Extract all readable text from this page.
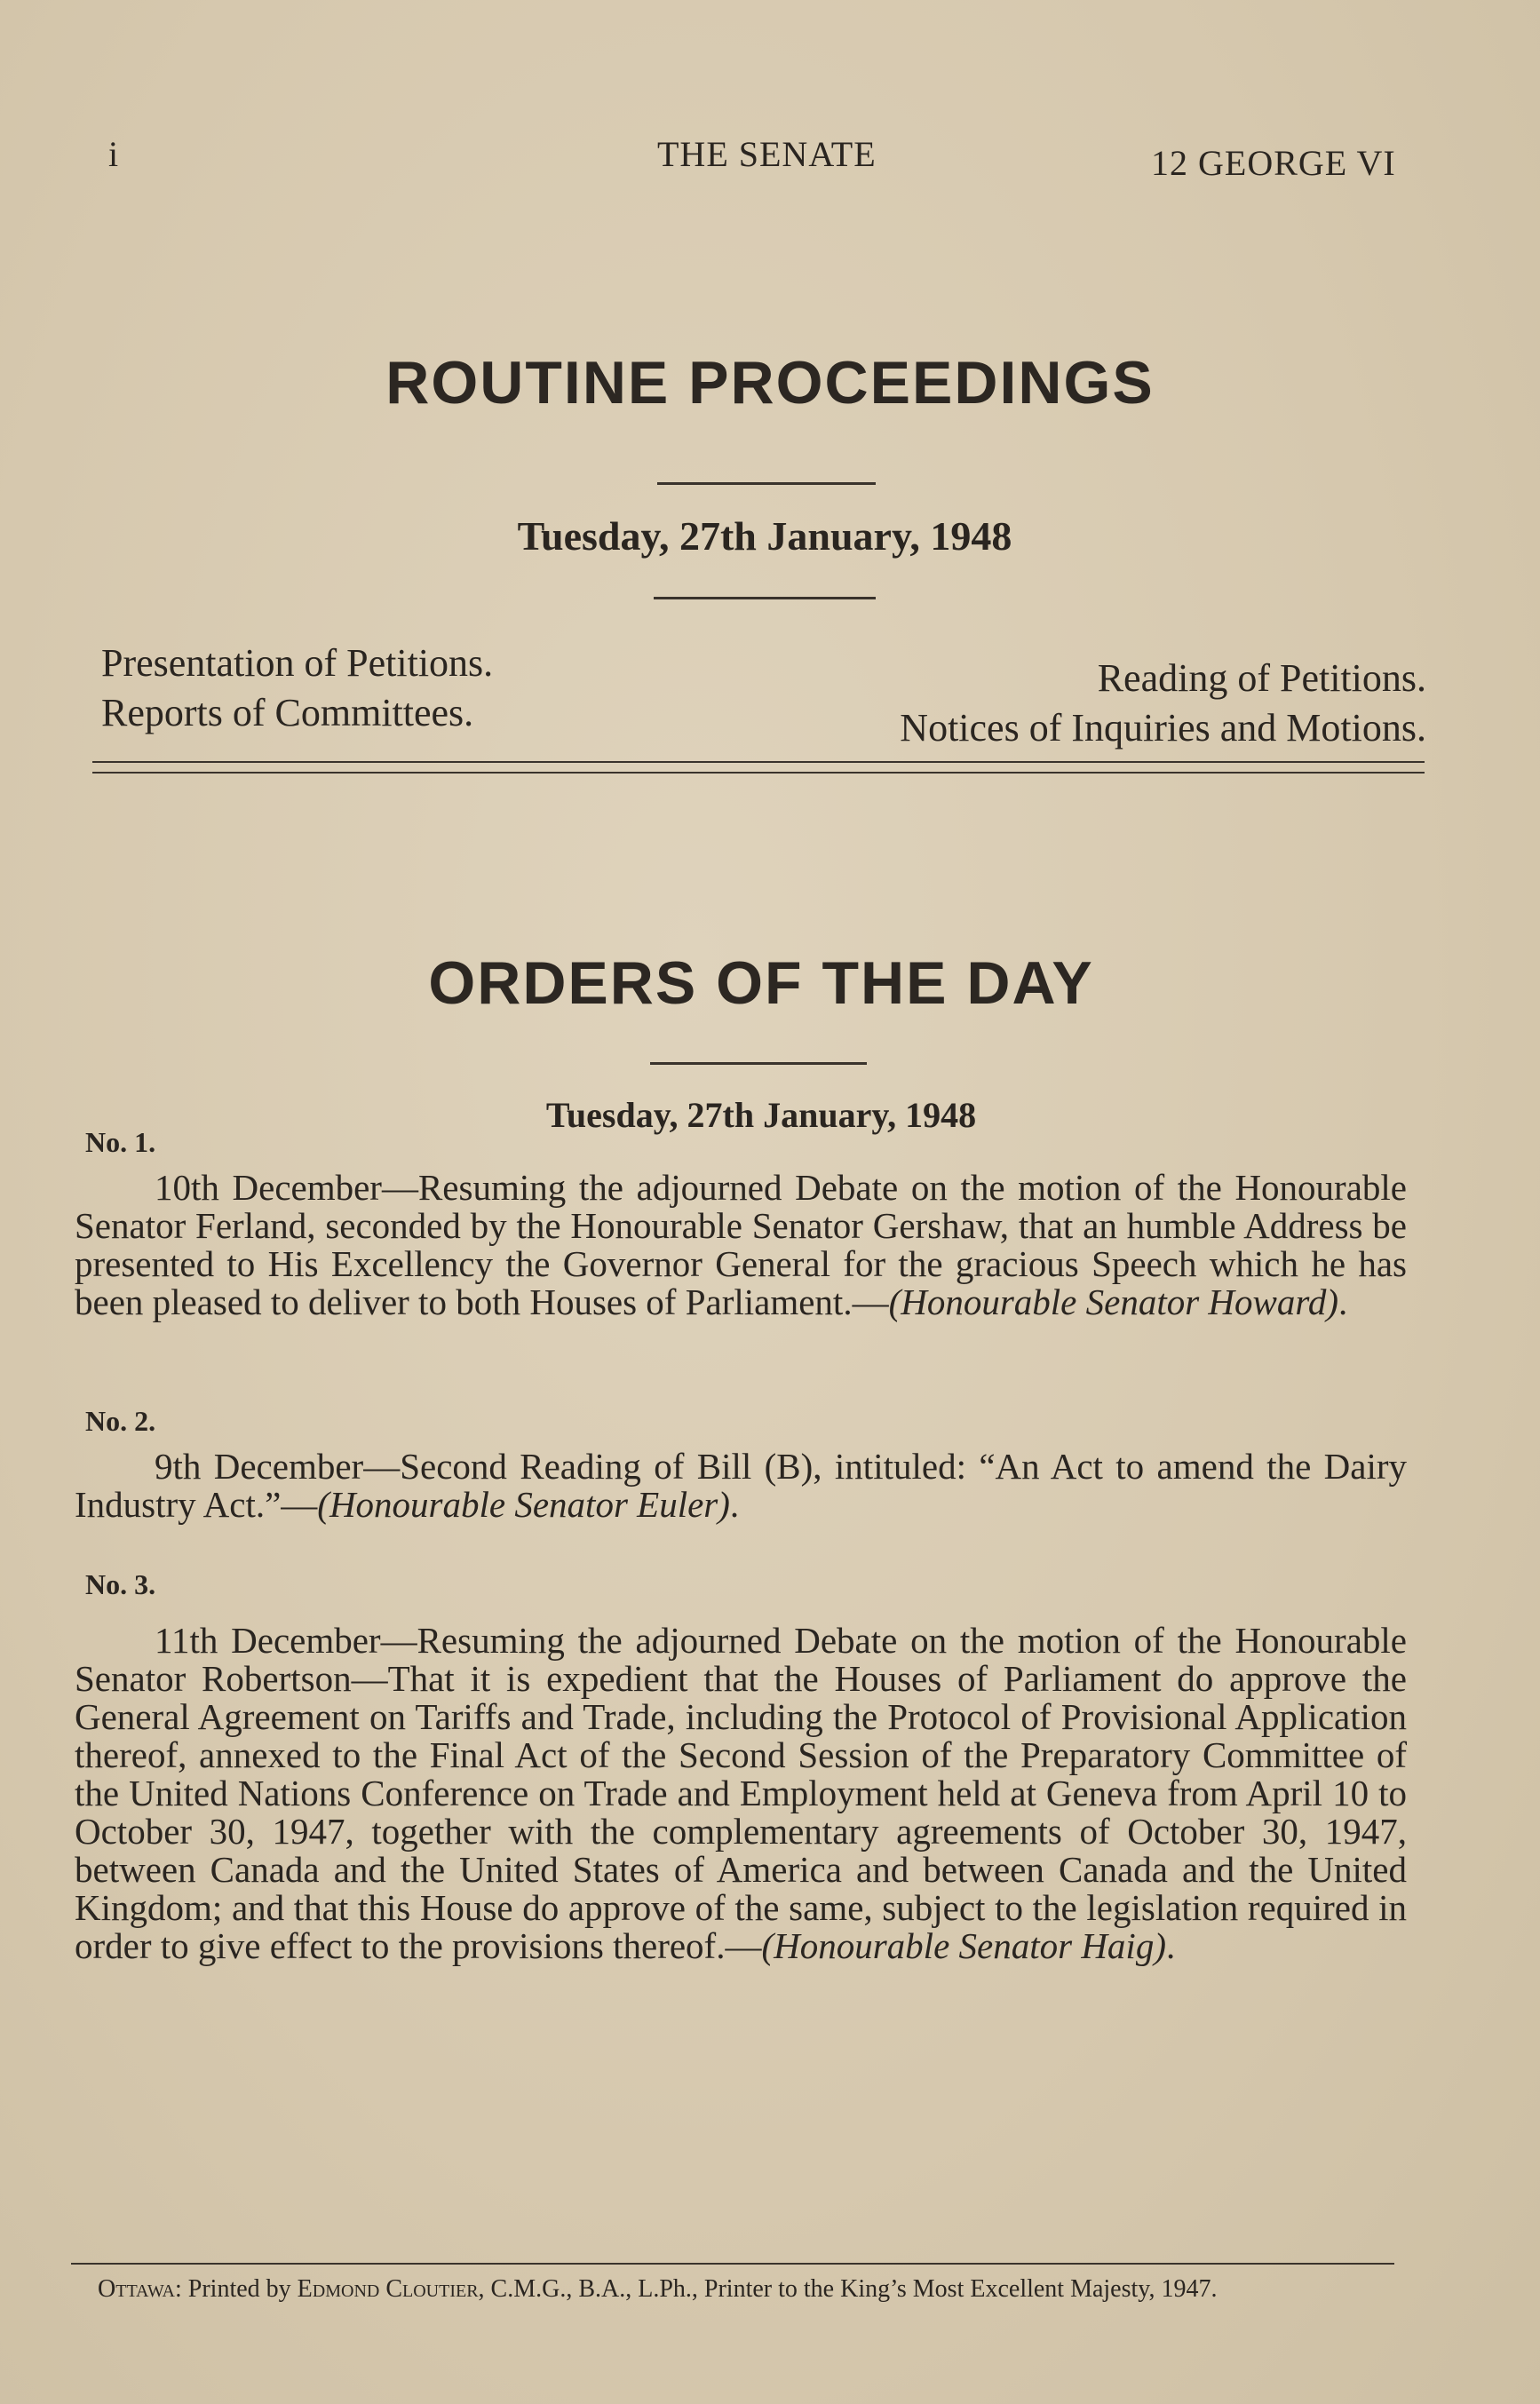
i	THE SENATE	12 GEORGE VI
ROUTINE PROCEEDINGS
Tuesday, 27th January, 1948
Presentation of Petitions.
Reports of Committees.
Reading of Petitions.
Notices of Inquiries and Motions.
ORDERS OF THE DAY
Tuesday, 27th January, 1948
No. 1.
10th December—Resuming the adjourned Debate on the motion of the Honourable Senator Ferland, seconded by the Honourable Senator Gershaw, that an humble Address be presented to His Excellency the Governor General for the gracious Speech which he has been pleased to deliver to both Houses of Parliament.—(Honourable Senator Howard).
No. 2.
9th December—Second Reading of Bill (B), intituled: “An Act to amend the Dairy Industry Act.”—(Honourable Senator Euler).
No. 3.
11th December—Resuming the adjourned Debate on the motion of the Honourable Senator Robertson—That it is expedient that the Houses of Parliament do approve the General Agreement on Tariffs and Trade, including the Protocol of Provisional Application thereof, annexed to the Final Act of the Second Session of the Preparatory Committee of the United Nations Conference on Trade and Employment held at Geneva from April 10 to October 30, 1947, together with the complementary agreements of October 30, 1947, between Canada and the United States of America and between Canada and the United Kingdom; and that this House do approve of the same, subject to the legislation required in order to give effect to the provisions thereof.—(Honourable Senator Haig).
Ottawa: Printed by Edmond Cloutier, C.M.G., B.A., L.Ph., Printer to the King’s Most Excellent Majesty, 1947.
